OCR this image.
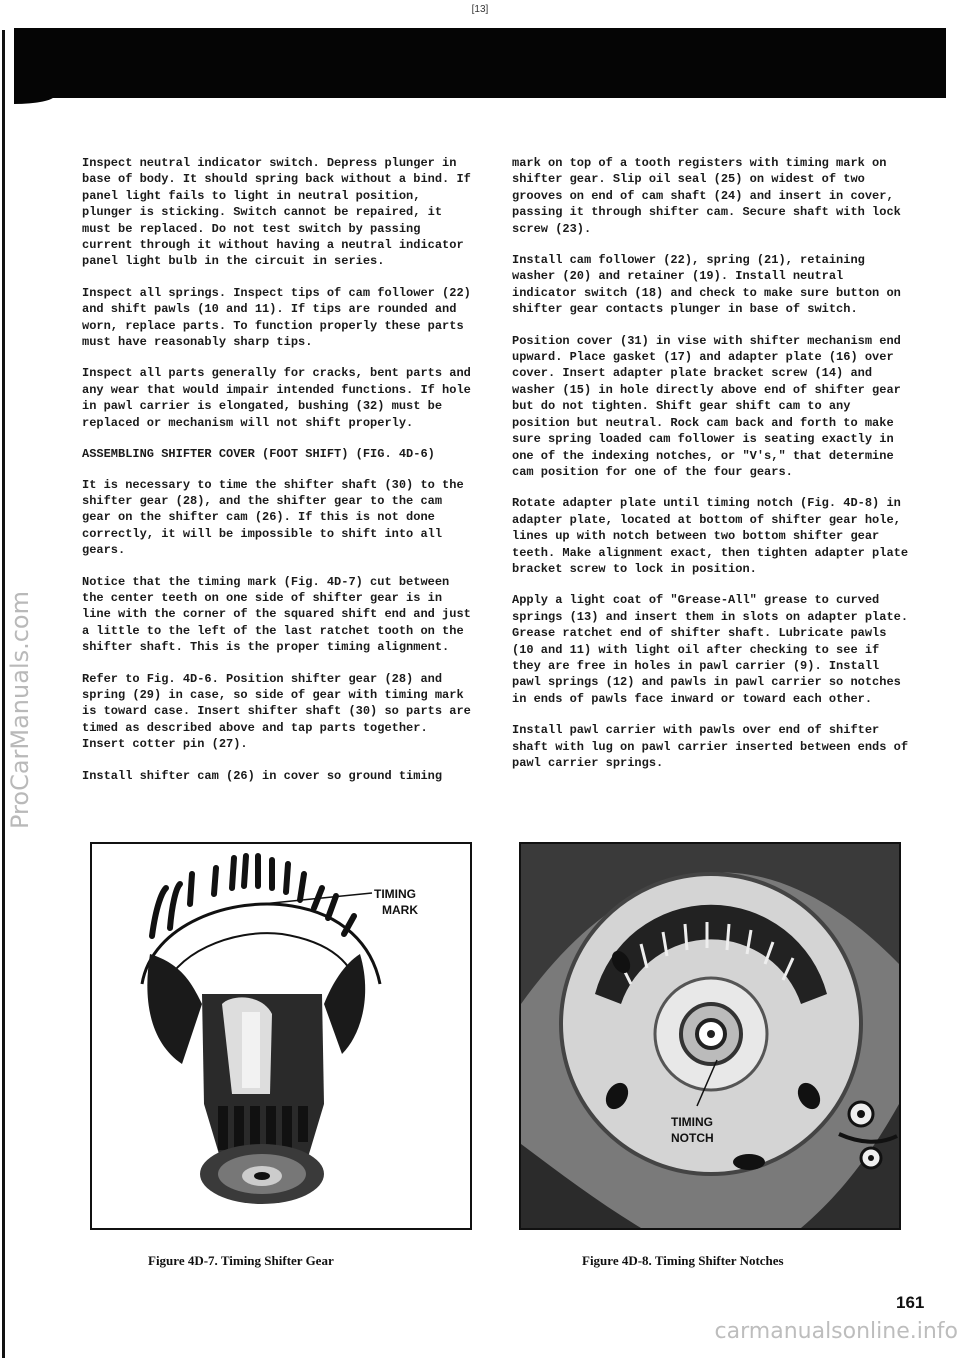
[13]
ProCarManuals.com

Inspect neutral indicator switch. Depress plunger in base of body. It should spring back without a bind. If panel light fails to light in neutral position, plunger is sticking. Switch cannot be repaired, it must be replaced. Do not test switch by passing current through it without having a neutral indicator panel light bulb in the circuit in series.

Inspect all springs. Inspect tips of cam follower (22) and shift pawls (10 and 11). If tips are rounded and worn, replace parts. To function properly these parts must have reasonably sharp tips.

Inspect all parts generally for cracks, bent parts and any wear that would impair intended functions. If hole in pawl carrier is elongated, bushing (32) must be replaced or mechanism will not shift properly.

ASSEMBLING SHIFTER COVER (FOOT SHIFT) (FIG. 4D-6)

It is necessary to time the shifter shaft (30) to the shifter gear (28), and the shifter gear to the cam gear on the shifter cam (26). If this is not done correctly, it will be impossible to shift into all gears.

Notice that the timing mark (Fig. 4D-7) cut between the center teeth on one side of shifter gear is in line with the corner of the squared shift end and just a little to the left of the last ratchet tooth on the shifter shaft. This is the proper timing alignment.

Refer to Fig. 4D-6. Position shifter gear (28) and spring (29) in case, so side of gear with timing mark is toward case. Insert shifter shaft (30) so parts are timed as described above and tap parts together. Insert cotter pin (27).

Install shifter cam (26) in cover so ground timing

mark on top of a tooth registers with timing mark on shifter gear. Slip oil seal (25) on widest of two grooves on end of cam shaft (24) and insert in cover, passing it through shifter cam. Secure shaft with lock screw (23).

Install cam follower (22), spring (21), retaining washer (20) and retainer (19). Install neutral indicator switch (18) and check to make sure button on shifter gear contacts plunger in base of switch.

Position cover (31) in vise with shifter mechanism end upward. Place gasket (17) and adapter plate (16) over cover. Insert adapter plate bracket screw (14) and washer (15) in hole directly above end of shifter gear but do not tighten. Shift gear shift cam to any position but neutral. Rock cam back and forth to make sure spring loaded cam follower is seating exactly in one of the indexing notches, or "V's," that determine cam position for one of the four gears.

Rotate adapter plate until timing notch (Fig. 4D-8) in adapter plate, located at bottom of shifter gear hole, lines up with notch between two bottom shifter gear teeth. Make alignment exact, then tighten adapter plate bracket screw to lock in position.

Apply a light coat of "Grease-All" grease to curved springs (13) and insert them in slots on adapter plate. Grease ratchet end of shifter shaft. Lubricate pawls (10 and 11) with light oil after checking to see if they are free in holes in pawl carrier (9). Install pawl springs (12) and pawls in pawl carrier so notches in ends of pawls face inward or toward each other.

Install pawl carrier with pawls over end of shifter shaft with lug on pawl carrier inserted between ends of pawl carrier springs.

TIMING
MARK
TIMING
NOTCH
Figure 4D-7. Timing Shifter Gear	Figure 4D-8. Timing Shifter Notches
161
carmanualsonline.info
